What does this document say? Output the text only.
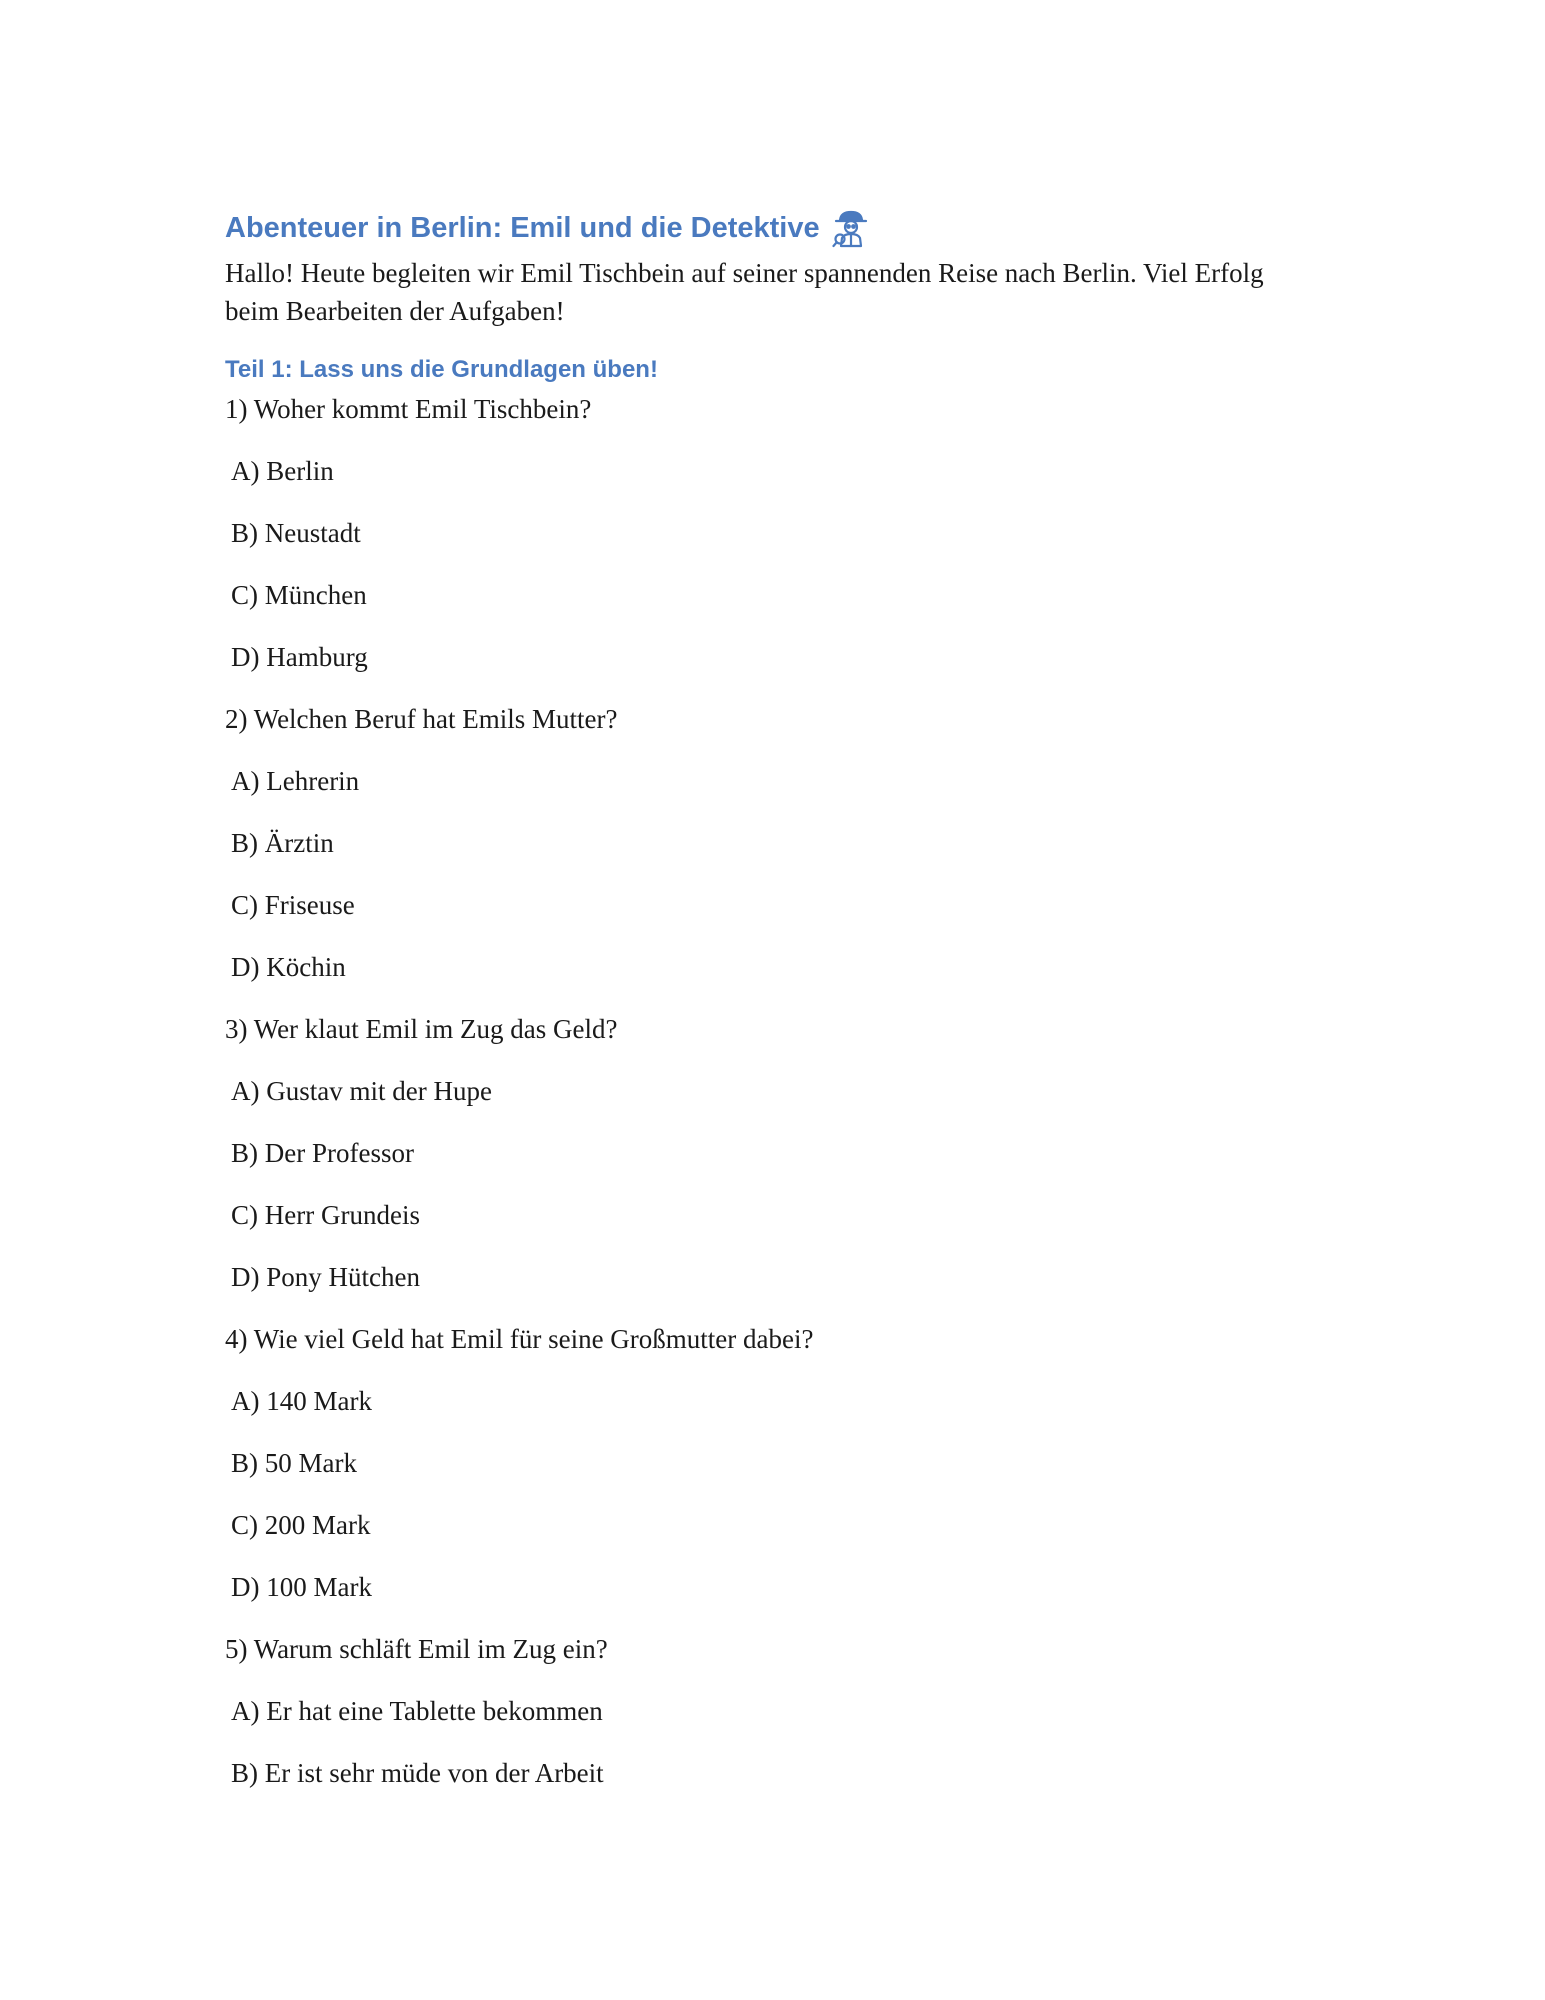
Abenteuer in Berlin: Emil und die Detektive
Hallo! Heute begleiten wir Emil Tischbein auf seiner spannenden Reise nach Berlin. Viel Erfolg beim Bearbeiten der Aufgaben!
Teil 1: Lass uns die Grundlagen üben!
1) Woher kommt Emil Tischbein?
A) Berlin
B) Neustadt
C) München
D) Hamburg
2) Welchen Beruf hat Emils Mutter?
A) Lehrerin
B) Ärztin
C) Friseuse
D) Köchin
3) Wer klaut Emil im Zug das Geld?
A) Gustav mit der Hupe
B) Der Professor
C) Herr Grundeis
D) Pony Hütchen
4) Wie viel Geld hat Emil für seine Großmutter dabei?
A) 140 Mark
B) 50 Mark
C) 200 Mark
D) 100 Mark
5) Warum schläft Emil im Zug ein?
A) Er hat eine Tablette bekommen
B) Er ist sehr müde von der Arbeit
